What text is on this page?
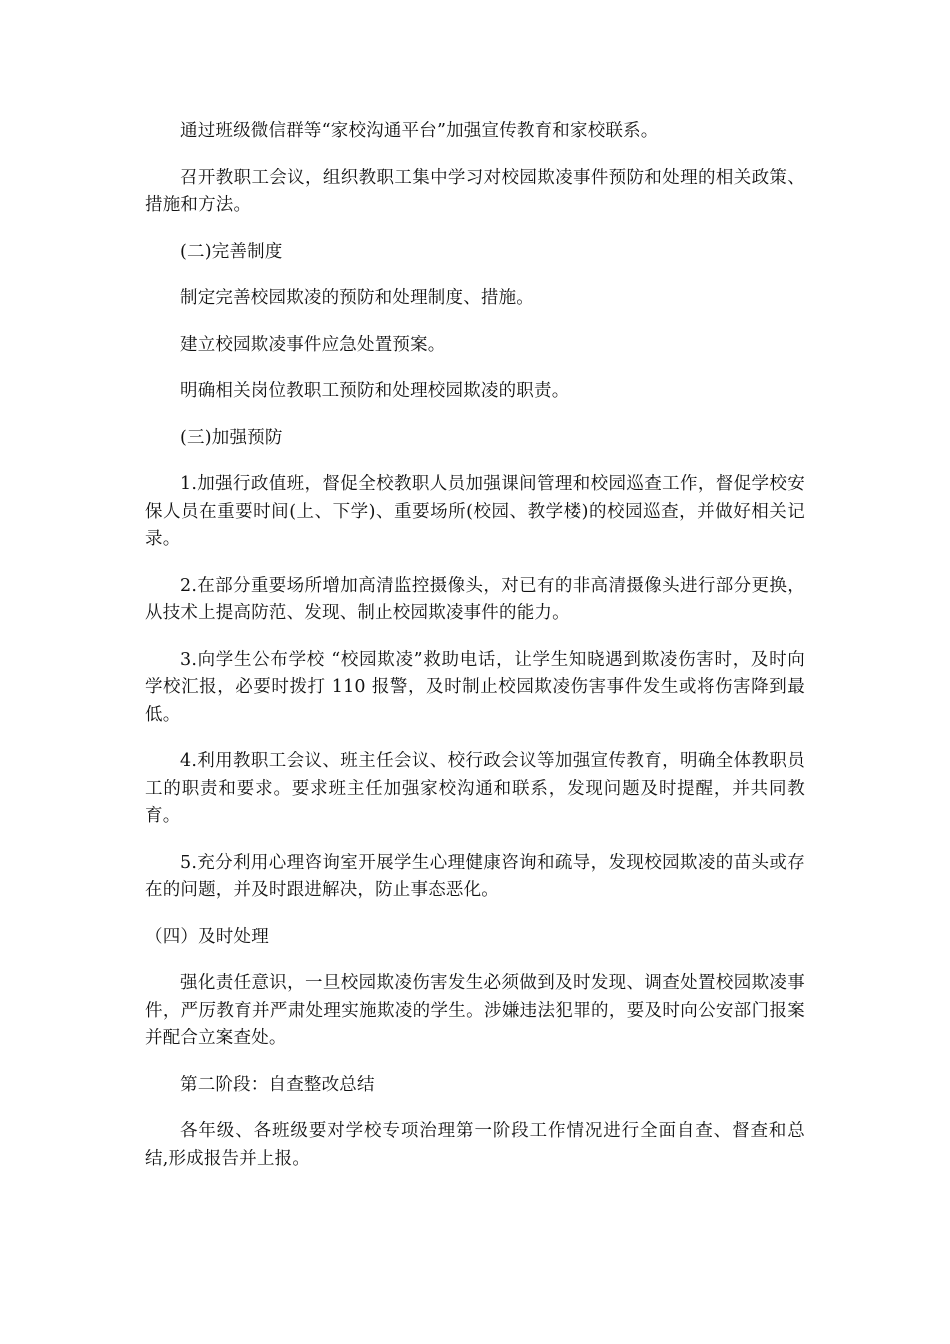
通过班级微信群等“家校沟通平台”加强宣传教育和家校联系。

召开教职工会议，组织教职工集中学习对校园欺凌事件预防和处理的相关政策、措施和方法。

(二)完善制度

制定完善校园欺凌的预防和处理制度、措施。

建立校园欺凌事件应急处置预案。

明确相关岗位教职工预防和处理校园欺凌的职责。

(三)加强预防

1.加强行政值班，督促全校教职人员加强课间管理和校园巡查工作，督促学校安保人员在重要时间(上、下学)、重要场所(校园、教学楼)的校园巡查，并做好相关记录。

2.在部分重要场所增加高清监控摄像头，对已有的非高清摄像头进行部分更换，从技术上提高防范、发现、制止校园欺凌事件的能力。

3.向学生公布学校 “校园欺凌”救助电话，让学生知晓遇到欺凌伤害时，及时向学校汇报，必要时拨打 110 报警，及时制止校园欺凌伤害事件发生或将伤害降到最低。

4.利用教职工会议、班主任会议、校行政会议等加强宣传教育，明确全体教职员工的职责和要求。要求班主任加强家校沟通和联系，发现问题及时提醒，并共同教育。

5.充分利用心理咨询室开展学生心理健康咨询和疏导，发现校园欺凌的苗头或存在的问题，并及时跟进解决，防止事态恶化。

（四）及时处理

强化责任意识，一旦校园欺凌伤害发生必须做到及时发现、调查处置校园欺凌事件，严厉教育并严肃处理实施欺凌的学生。涉嫌违法犯罪的，要及时向公安部门报案并配合立案查处。

第二阶段：自查整改总结

各年级、各班级要对学校专项治理第一阶段工作情况进行全面自查、督查和总结,形成报告并上报。
